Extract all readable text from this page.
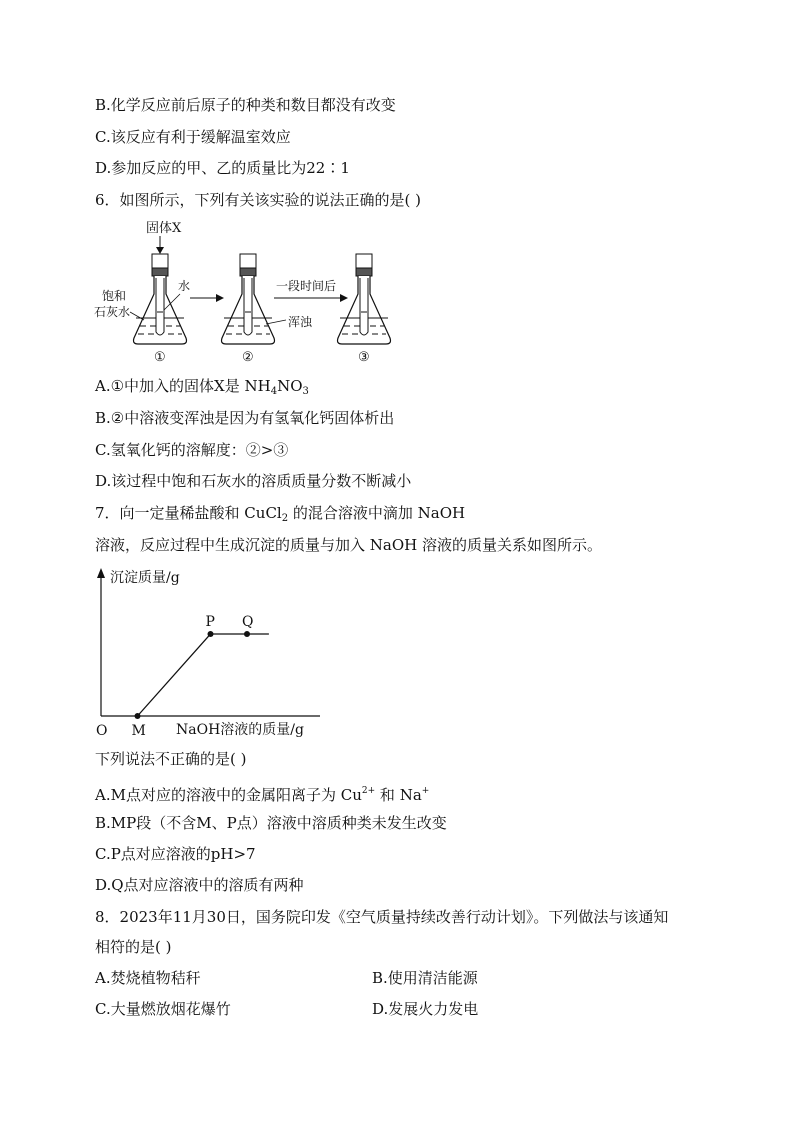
B.化学反应前后原子的种类和数目都没有改变
C.该反应有利于缓解温室效应
D.参加反应的甲、乙的质量比为22∶1
6．如图所示，下列有关该实验的说法正确的是( )
固体X
饱和
石灰水
水
①
浑浊
②
一段时间后
③
A.①中加入的固体X是 $NH_4NO_3$
B.②中溶液变浑浊是因为有氢氧化钙固体析出
C.氢氧化钙的溶解度：②>③
D.该过程中饱和石灰水的溶质质量分数不断减小
7．向一定量稀盐酸和 CuCl$_2$ 的混合溶液中滴加 NaOH
溶液，反应过程中生成沉淀的质量与加入 NaOH 溶液的质量关系如图所示。
沉淀质量/g
O	NaOH溶液的质量/g
M
P Q
下列说法不正确的是( )
A.M点对应的溶液中的金属阳离子为 $Cu^{2+}$ 和 Na+
B.MP段（不含M、P点）溶液中溶质种类未发生改变
C.P点对应溶液的pH>7
D.Q点对应溶液中的溶质有两种
8．2023年11月30日，国务院印发《空气质量持续改善行动计划》。下列做法与该通知
相符的是( )
A.焚烧植物秸秆	B.使用清洁能源
C.大量燃放烟花爆竹	D.发展火力发电
